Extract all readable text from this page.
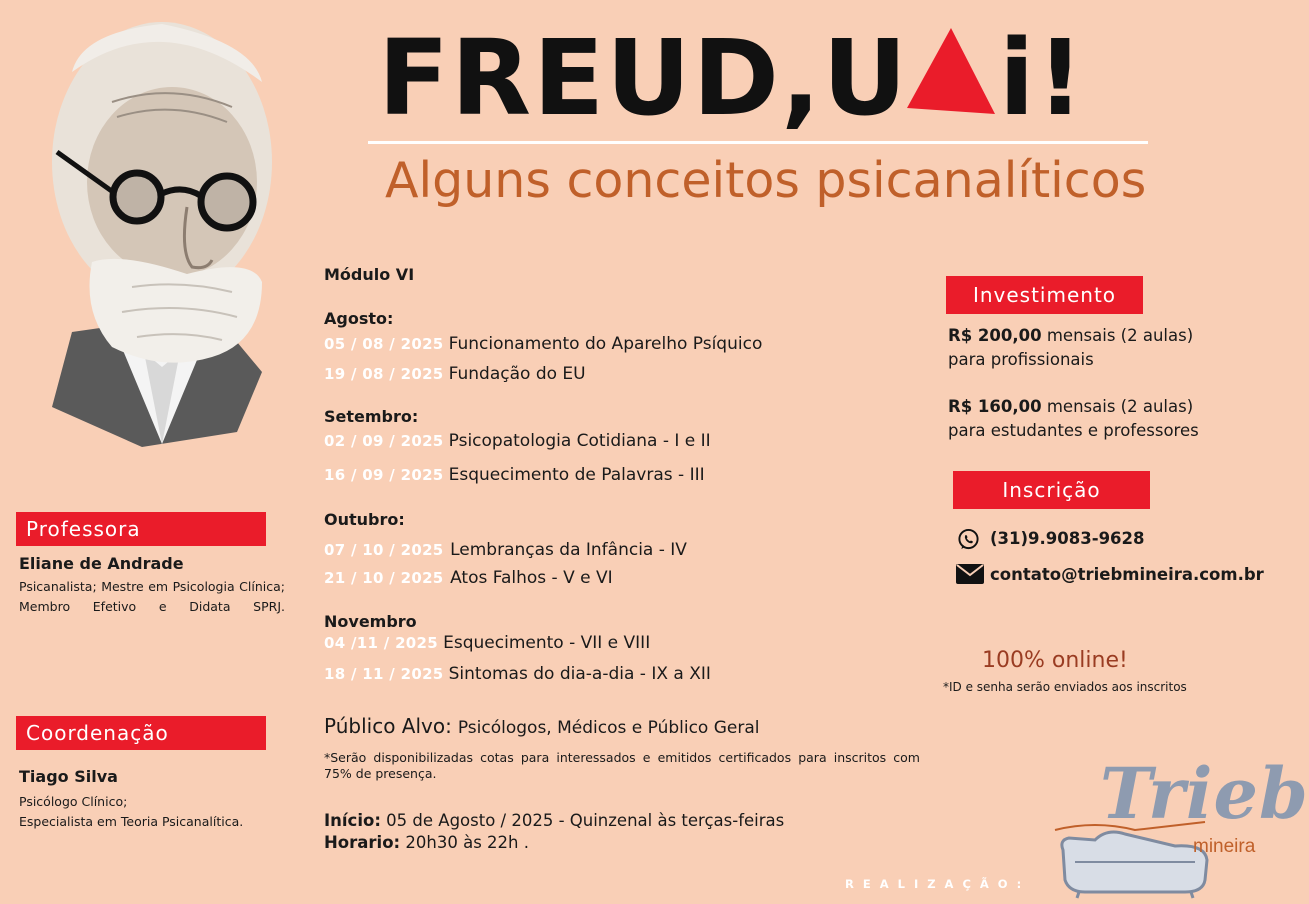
FREUD,U i!
Alguns conceitos psicanalíticos
Professora
Eliane de Andrade
Psicanalista; Mestre em Psicologia Clínica; Membro Efetivo e Didata SPRJ.
Coordenação
Tiago Silva
Psicólogo Clínico;
Especialista em Teoria Psicanalítica.
Módulo VI
Agosto:
05 / 08 / 2025 Funcionamento do Aparelho Psíquico
19 / 08 / 2025 Fundação do EU
Setembro:
02 / 09 / 2025 Psicopatologia Cotidiana - I e II
16 / 09 / 2025 Esquecimento de Palavras - III
Outubro:
07 / 10 / 2025 Lembranças da Infância - IV
21 / 10 / 2025 Atos Falhos - V e VI
Novembro
04 /11 / 2025 Esquecimento - VII e VIII
18 / 11 / 2025 Sintomas do dia-a-dia - IX a XII
Público Alvo: Psicólogos, Médicos e Público Geral
*Serão disponibilizadas cotas para interessados e emitidos certificados para inscritos com 75% de presença.
Início: 05 de Agosto / 2025 - Quinzenal às terças-feiras
Horario: 20h30 às 22h .
Investimento
R$ 200,00 mensais (2 aulas)
para profissionais
R$ 160,00 mensais (2 aulas)
para estudantes e professores
Inscrição
(31)9.9083-9628
contato@triebmineira.com.br
100% online!
*ID e senha serão enviados aos inscritos
REALIZAÇÃO:
Trieb
mineira
